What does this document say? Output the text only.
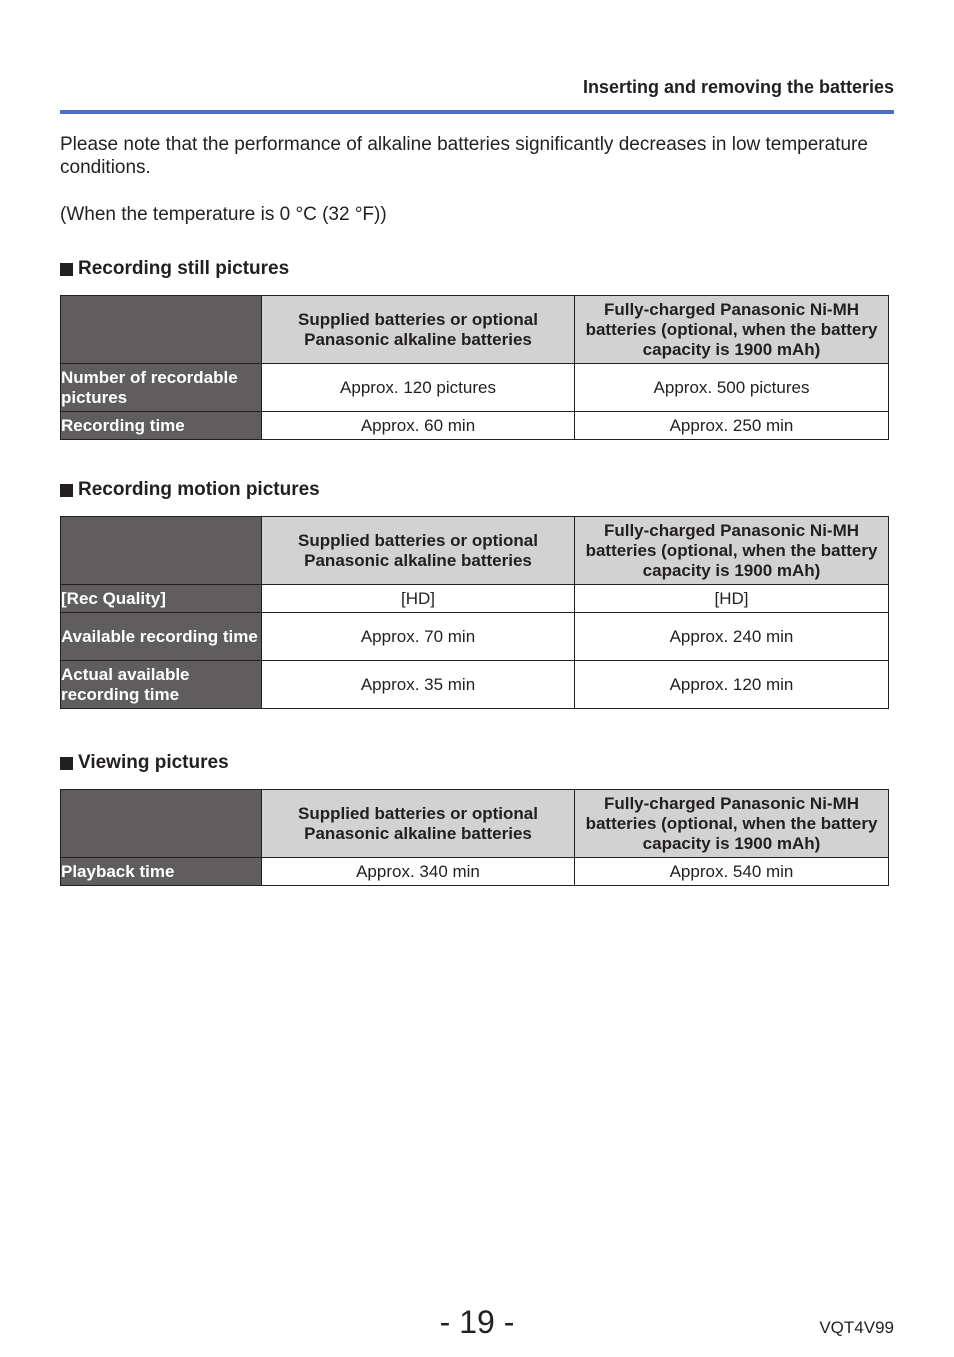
Inserting and removing the batteries
Please note that the performance of alkaline batteries significantly decreases in low temperature conditions.
(When the temperature is 0 °C (32 °F))
Recording still pictures
	Supplied batteries or optional Panasonic alkaline batteries	Fully-charged Panasonic Ni-MH batteries (optional, when the battery capacity is 1900 mAh)
Number of recordable pictures	Approx. 120 pictures	Approx. 500 pictures
Recording time	Approx. 60 min	Approx. 250 min
Recording motion pictures
	Supplied batteries or optional Panasonic alkaline batteries	Fully-charged Panasonic Ni-MH batteries (optional, when the battery capacity is 1900 mAh)
[Rec Quality]	[HD]	[HD]
Available recording time	Approx. 70 min	Approx. 240 min
Actual available recording time	Approx. 35 min	Approx. 120 min
Viewing pictures
	Supplied batteries or optional Panasonic alkaline batteries	Fully-charged Panasonic Ni-MH batteries (optional, when the battery capacity is 1900 mAh)
Playback time	Approx. 340 min	Approx. 540 min
- 19 -	VQT4V99
